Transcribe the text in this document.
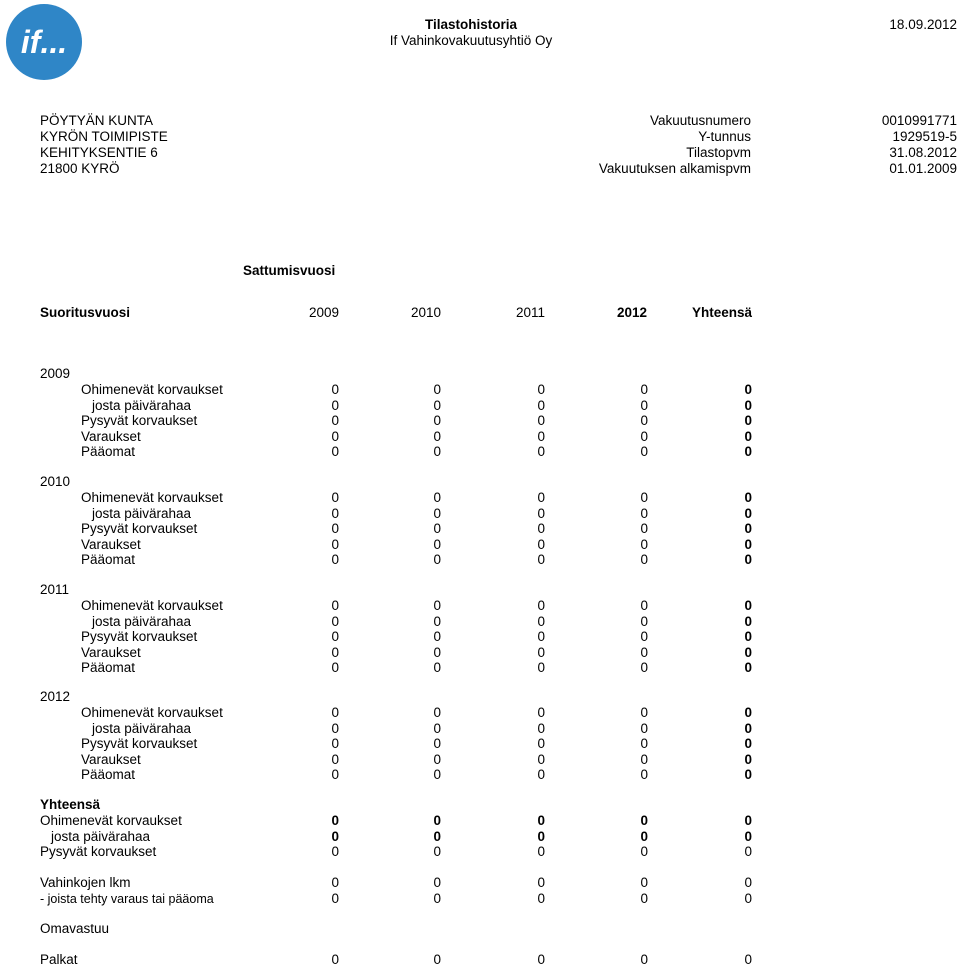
if...	Tilastohistoria
If Vahinkovakuutusyhtiö Oy
18.09.2012
PÖYTYÄN KUNTA
KYRÖN TOIMIPISTE
KEHITYKSENTIE 6
21800 KYRÖ
Vakuutusnumero	0010991771
Y-tunnus	1929519-5
Tilastopvm	31.08.2012
Vakuutuksen alkamispvm	01.01.2009
Sattumisvuosi
Suoritusvuosi	2009	2010	2011	2012	Yhteensä
2009
Ohimenevät korvaukset	0	0	0	0	0
josta päivärahaa	0	0	0	0	0
Pysyvät korvaukset	0	0	0	0	0
Varaukset	0	0	0	0	0
Pääomat	0	0	0	0	0
2010
Ohimenevät korvaukset	0	0	0	0	0
josta päivärahaa	0	0	0	0	0
Pysyvät korvaukset	0	0	0	0	0
Varaukset	0	0	0	0	0
Pääomat	0	0	0	0	0
2011
Ohimenevät korvaukset	0	0	0	0	0
josta päivärahaa	0	0	0	0	0
Pysyvät korvaukset	0	0	0	0	0
Varaukset	0	0	0	0	0
Pääomat	0	0	0	0	0
2012
Ohimenevät korvaukset	0	0	0	0	0
josta päivärahaa	0	0	0	0	0
Pysyvät korvaukset	0	0	0	0	0
Varaukset	0	0	0	0	0
Pääomat	0	0	0	0	0
Yhteensä
Ohimenevät korvaukset	0	0	0	0	0
josta päivärahaa	0	0	0	0	0
Pysyvät korvaukset	0	0	0	0	0
Vahinkojen lkm	0	0	0	0	0
- joista tehty varaus tai pääoma	0	0	0	0	0
Omavastuu
Palkat	0	0	0	0	0
